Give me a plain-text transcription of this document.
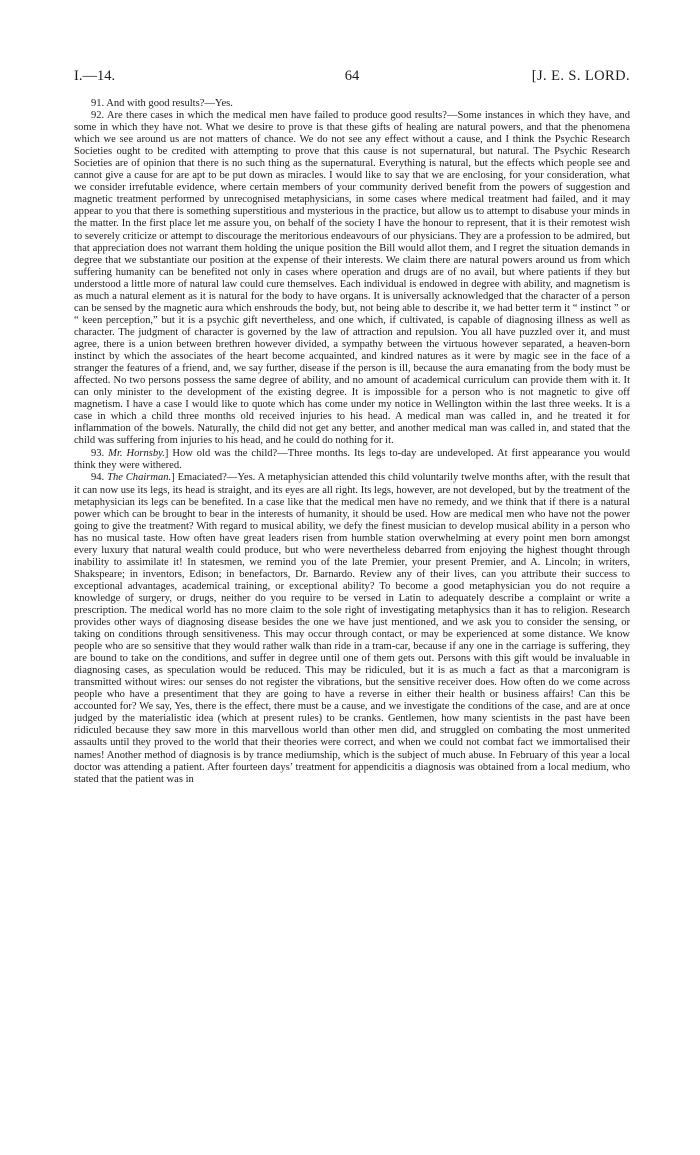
I.—14.	64	[J. E. S. LORD.

91. And with good results?—Yes.

92. Are there cases in which the medical men have failed to produce good results?—Some instances in which they have, and some in which they have not. What we desire to prove is that these gifts of healing are natural powers, and that the phenomena which we see around us are not matters of chance. We do not see any effect without a cause, and I think the Psychic Research Societies ought to be credited with attempting to prove that this cause is not supernatural, but natural. The Psychic Research Societies are of opinion that there is no such thing as the supernatural. Everything is natural, but the effects which people see and cannot give a cause for are apt to be put down as miracles. I would like to say that we are enclosing, for your consideration, what we consider irrefutable evidence, where certain members of your community derived benefit from the powers of suggestion and magnetic treatment performed by unrecognised metaphysicians, in some cases where medical treatment had failed, and it may appear to you that there is something superstitious and mysterious in the practice, but allow us to attempt to disabuse your minds in the matter. In the first place let me assure you, on behalf of the society I have the honour to represent, that it is their remotest wish to severely criticize or attempt to discourage the meritorious endeavours of our physicians. They are a profession to be admired, but that appreciation does not warrant them holding the unique position the Bill would allot them, and I regret the situation demands in degree that we substantiate our position at the expense of their interests. We claim there are natural powers around us from which suffering humanity can be benefited not only in cases where operation and drugs are of no avail, but where patients if they but understood a little more of natural law could cure themselves. Each individual is endowed in degree with ability, and magnetism is as much a natural element as it is natural for the body to have organs. It is universally acknowledged that the character of a person can be sensed by the magnetic aura which enshrouds the body, but, not being able to describe it, we had better term it “ instinct ” or “ keen perception,” but it is a psychic gift nevertheless, and one which, if cultivated, is capable of diagnosing illness as well as character. The judgment of character is governed by the law of attraction and repulsion. You all have puzzled over it, and must agree, there is a union between brethren however divided, a sympathy between the virtuous however separated, a heaven-born instinct by which the associates of the heart become acquainted, and kindred natures as it were by magic see in the face of a stranger the features of a friend, and, we say further, disease if the person is ill, because the aura emanating from the body must be affected. No two persons possess the same degree of ability, and no amount of academical curriculum can provide them with it. It can only minister to the development of the existing degree. It is impossible for a person who is not magnetic to give off magnetism. I have a case I would like to quote which has come under my notice in Wellington within the last three weeks. It is a case in which a child three months old received injuries to his head. A medical man was called in, and he treated it for inflammation of the bowels. Naturally, the child did not get any better, and another medical man was called in, and stated that the child was suffering from injuries to his head, and he could do nothing for it.

93. Mr. Hornsby.] How old was the child?—Three months. Its legs to-day are undeveloped. At first appearance you would think they were withered.

94. The Chairman.] Emaciated?—Yes. A metaphysician attended this child voluntarily twelve months after, with the result that it can now use its legs, its head is straight, and its eyes are all right. Its legs, however, are not developed, but by the treatment of the metaphysician its legs can be benefited. In a case like that the medical men have no remedy, and we think that if there is a natural power which can be brought to bear in the interests of humanity, it should be used. How are medical men who have not the power going to give the treatment? With regard to musical ability, we defy the finest musician to develop musical ability in a person who has no musical taste. How often have great leaders risen from humble station overwhelming at every point men born amongst every luxury that natural wealth could produce, but who were nevertheless debarred from enjoying the highest thought through inability to assimilate it! In statesmen, we remind you of the late Premier, your present Premier, and A. Lincoln; in writers, Shakspeare; in inventors, Edison; in benefactors, Dr. Barnardo. Review any of their lives, can you attribute their success to exceptional advantages, academical training, or exceptional ability? To become a good metaphysician you do not require a knowledge of surgery, or drugs, neither do you require to be versed in Latin to adequately describe a complaint or write a prescription. The medical world has no more claim to the sole right of investigating metaphysics than it has to religion. Research provides other ways of diagnosing disease besides the one we have just mentioned, and we ask you to consider the sensing, or taking on conditions through sensitiveness. This may occur through contact, or may be experienced at some distance. We know people who are so sensitive that they would rather walk than ride in a tram-car, because if any one in the carriage is suffering, they are bound to take on the conditions, and suffer in degree until one of them gets out. Persons with this gift would be invaluable in diagnosing cases, as speculation would be reduced. This may be ridiculed, but it is as much a fact as that a marconigram is transmitted without wires: our senses do not register the vibrations, but the sensitive receiver does. How often do we come across people who have a presentiment that they are going to have a reverse in either their health or business affairs! Can this be accounted for? We say, Yes, there is the effect, there must be a cause, and we investigate the conditions of the case, and are at once judged by the materialistic idea (which at present rules) to be cranks. Gentlemen, how many scientists in the past have been ridiculed because they saw more in this marvellous world than other men did, and struggled on combating the most unmerited assaults until they proved to the world that their theories were correct, and when we could not combat fact we immortalised their names! Another method of diagnosis is by trance mediumship, which is the subject of much abuse. In February of this year a local doctor was attending a patient. After fourteen days’ treatment for appendicitis a diagnosis was obtained from a local medium, who stated that the patient was in
